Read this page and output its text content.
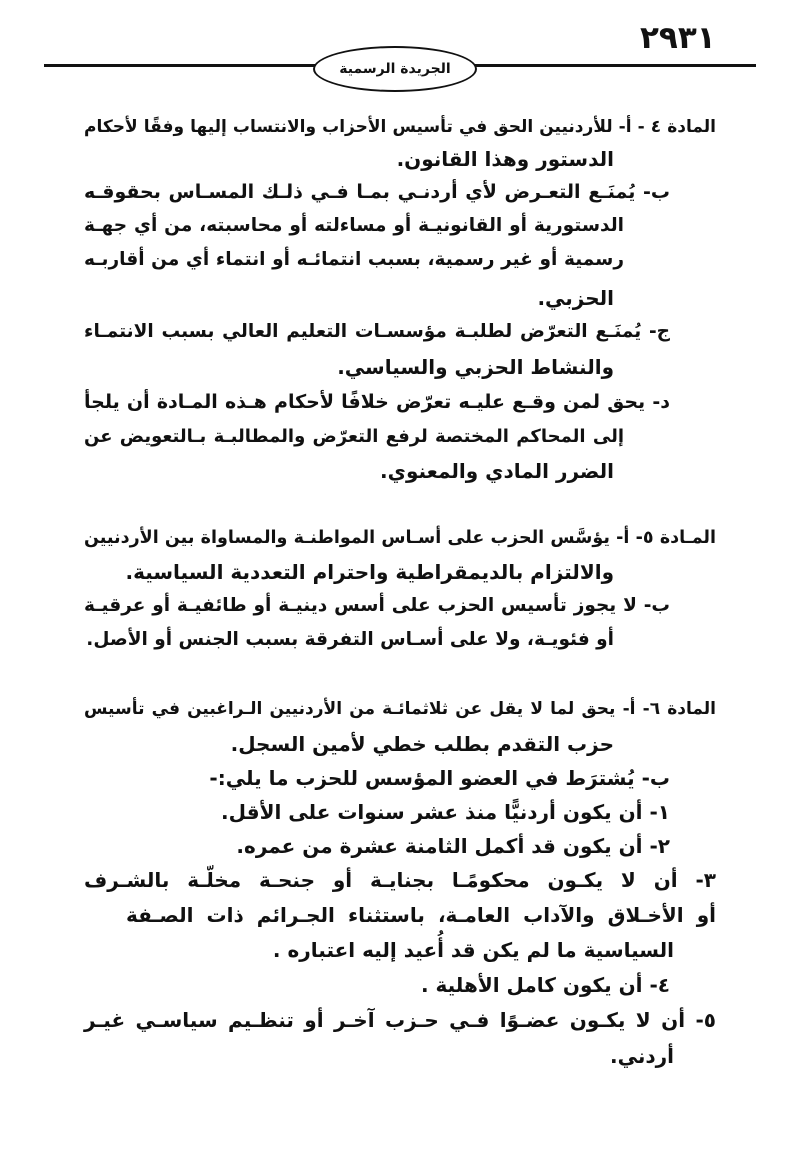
٢٩٣١
الجريدة الرسمية
المادة ٤ - أ- للأردنيين الحق في تأسيس الأحزاب والانتساب إليها وفقًا لأحكام
الدستور وهذا القانون.
ب- يُمنَـع التعـرض لأي أردنـي بمـا فـي ذلـك المسـاس بحقوقـه
الدستورية أو القانونيـة أو مساءلته أو محاسبته، من أي جهـة
رسمية أو غير رسمية، بسبب انتمائـه أو انتماء أي من أقاربـه
الحزبي.
ج- يُمنَـع التعرّض لطلبـة مؤسسـات التعليم العالي بسبب الانتمـاء
والنشاط الحزبي والسياسي.
د- يحق لمن وقـع عليـه تعرّض خلافًا لأحكام هـذه المـادة أن يلجأ
إلى المحاكم المختصة لرفع التعرّض والمطالبـة بـالتعويض عن
الضرر المادي والمعنوي.
المـادة ٥- أ- يؤسَّس الحزب على أسـاس المواطنـة والمساواة بين الأردنيين
والالتزام بالديمقراطية واحترام التعددية السياسية.
ب- لا يجوز تأسيس الحزب على أسس دينيـة أو طائفيـة أو عرقيـة
أو فئويـة، ولا على أسـاس التفرقة بسبب الجنس أو الأصل.
المادة ٦- أ- يحق لما لا يقل عن ثلاثمائـة من الأردنيين الـراغبين في تأسيس
حزب التقدم بطلب خطي لأمين السجل.
ب- يُشترَط في العضو المؤسس للحزب ما يلي:-
١- أن يكون أردنيًّا منذ عشر سنوات على الأقل.
٢- أن يكون قد أكمل الثامنة عشرة من عمره.
٣- أن لا يكـون محكومًـا بجنايـة أو جنحـة مخلّـة بالشـرف
أو الأخـلاق والآداب العامـة، باستثناء الجـرائم ذات الصـفة
السياسية ما لم يكن قد أُعيد إليه اعتباره .
٤- أن يكون كامل الأهلية .
٥- أن لا يكـون عضـوًا فـي حـزب آخـر أو تنظـيم سياسـي غيـر
أردني.
